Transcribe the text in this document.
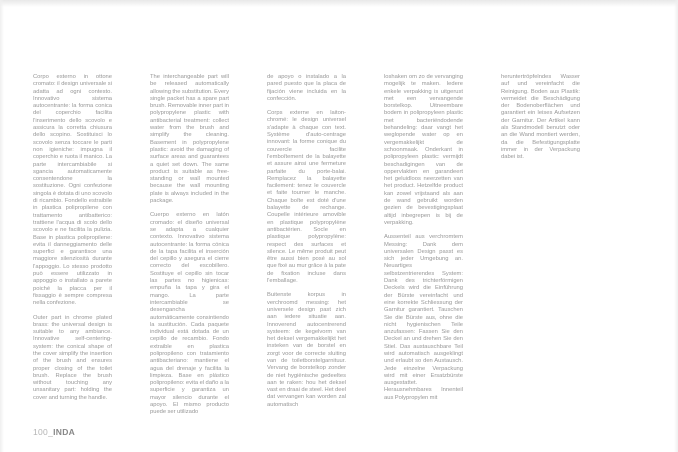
Corpo esterno in ottone cromato: il design universale si adatta ad ogni contesto. Innovativo sistema autocentrante: la forma conica del coperchio facilita l'inserimento dello scovolo e assicura la corretta chiusura dello scopino. Sostituisci lo scovolo senza toccare le parti non igieniche: impugna il coperchio e ruota il manico. La parte intercambiabile si sgancia automaticamente consentendone la sostituzione. Ogni confezione singola è dotata di uno scovolo di ricambio. Fondello estraibile in plastica polipropilene con trattamento antibatterico: trattiene l'acqua di scolo dello scovolo e ne facilita la pulizia. Base in plastica polipropilene: evita il danneggiamento delle superfici e garantisce una maggiore silenziosità durante l'appoggio. Lo stesso prodotto può essere utilizzato in appoggio o installato a parete poiché la placca per il fissaggio è sempre compresa nella confezione.

Outer part in chrome plated brass: the universal design is suitable to any ambiance. Innovative self-centering-system: the conical shape of the cover simplify the insertion of the brush and ensures proper closing of the toilet brush. Replace the brush without touching any unsanitary part: holding the cover and turning the handle.

The interchangeable part will be released automatically allowing the substitution. Every single packet has a spare part brush. Removable inner part in polypropylene plastic with antibacterial treatment: collect water from the brush and simplify the cleaning. Basement in polypropylene plastic: avoid the damaging of surface areas and guarantees a quiet set down. The same product is suitable as free- standing or wall mounted because the wall mounting plate is always included in the package.

Cuerpo externo en latón cromado: el diseño universal se adapta a cualquier contexto. Innovativo sistema autocentrante: la forma cónica de la tapa facilita el inserción del cepillo y asegura el cierre correcto del escobillero. Sostituye el cepillo sin tocar las partes no higienicas: empuña la tapa y gira el mango. La parte intercambiable se desengancha automáticamente consintiendo la sustitución. Cada paquete individual está dotada de un cepillo de recambio. Fondo extraible en plastica polipropileno con tratamiento antibacteriano: mantiene el agua del drenaje y facilita la limpieza. Base en plástico polipropileno: evita el daño a la superficie y garantiza un mayor silencio durante el apoyo. El mismo producto puede ser utilizado

de apoyo o instalado a la pared puesto que la placa de fijación viene incluida en la confección.

Corps externe en laiton-chromé: le design universel s'adapte à chaque con text. Système d'auto-centrage innovant: la forme conique du couvercle facilite l'emboîtement de la balayette et assure ainsi une fermeture parfaite du porte-balai. Remplacez la balayette facilement: tenez le couvercle et faite tourner le manche. Chaque boîte est doté d'une balayette de rechange. Coupelle intérieure amovible en plastique polypropylène antibactérien. Socle en plastique polypropylène: respect des surfaces et silence. Le même produit peut être aussi bien posé au sol que fixé au mur grâce à la pate de fixation incluse dans l'emballage.

Buitenste korpus in verchroomd messing: het universele design past zich aan iedere situatie aan. Innoverend autocentrerend systeem: de kegelvorm van het deksel vergemakkelijkt het insteken van de borstel en zorgt voor de correcte sluiting van de toiletborstelgarnituur. Vervang de borstelkop zonder de niet hygiënische gedeeltes aan te raken: hou het deksel vast en draai de steel. Het deel dat vervangen kan worden zal automatisch

loshaken om zo de vervanging mogelijk te maken. Iedere enkele verpakking is uitgerust met een vervangende borstelkop. Uitneembare bodem in polipropyleen plastic met bacteriëndodende behandeling: daar vangt het weglopende water op en vergemakkelijkt de schoonmaak. Onderkant in polipropyleen plastic: vermijdt beschadigingen van de oppervlakten en garandeert het geluidloos neerzetten van het product. Hetzelfde product kan zowel vrijstaand als aan de wand gebruikt worden gezien de bevestigingsplaat altijd inbegrepen is bij de verpakking.

Aussenteil aus verchromtem Messing: Dank dem universalen Design passt es sich jeder Umgebung an. Neuartiges selbstzentrierendes System: Dank des trichterförmigen Deckels wird die Einführung der Bürste vereinfacht und eine korrekte Schliessung der Garnitur garantiert. Tauschen Sie die Bürste aus, ohne die nicht hygienischen Teile anzufassen: Fassen Sie den Deckel an und drehen Sie den Stiel. Das austauschbare Teil wird automatisch ausgeklingt und erlaubt so den Austausch. Jede einzelne Verpackung wird mit einer Ersatzbürste ausgestattet. Herausnehmbares Innenteil aus Polypropylen mit

heruntertröpfelndes Wasser auf und vereinfacht die Reinigung. Boden aus Plastik: vermeidet die Beschädigung der Bodenoberflächen und garantiert ein leises Aufsetzen der Garnitur. Der Artikel kann als Standmodell benutzt oder an die Wand montiert werden, da die Befestigungsplatte immer in der Verpackung dabei ist.

100_INDA
